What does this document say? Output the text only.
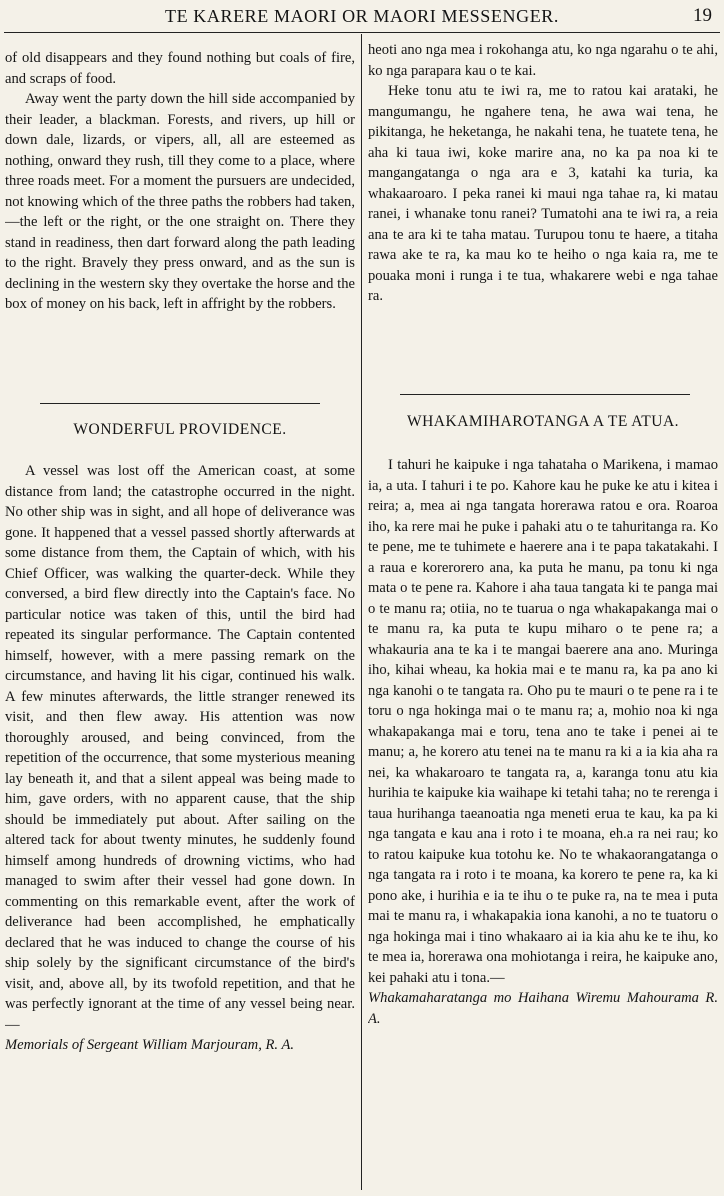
TE KARERE MAORI OR MAORI MESSENGER.	19

of old disappears and they found nothing but coals of fire, and scraps of food.

Away went the party down the hill side accompanied by their leader, a blackman. Forests, and rivers, up hill or down dale, lizards, or vipers, all, all are esteemed as nothing, onward they rush, till they come to a place, where three roads meet. For a moment the pursuers are undecided, not knowing which of the three paths the robbers had taken,—the left or the right, or the one straight on. There they stand in readiness, then dart forward along the path leading to the right. Bravely they press onward, and as the sun is declining in the western sky they overtake the horse and the box of money on his back, left in affright by the robbers.

WONDERFUL PROVIDENCE.

A vessel was lost off the American coast, at some distance from land; the catastrophe occurred in the night. No other ship was in sight, and all hope of deliverance was gone. It happened that a vessel passed shortly afterwards at some distance from them, the Captain of which, with his Chief Officer, was walking the quarter-deck. While they conversed, a bird flew directly into the Captain's face. No particular notice was taken of this, until the bird had repeated its singular performance. The Captain contented himself, however, with a mere passing remark on the circumstance, and having lit his cigar, continued his walk. A few minutes afterwards, the little stranger renewed its visit, and then flew away. His attention was now thoroughly aroused, and being convinced, from the repetition of the occurrence, that some mysterious meaning lay beneath it, and that a silent appeal was being made to him, gave orders, with no apparent cause, that the ship should be immediately put about. After sailing on the altered tack for about twenty minutes, he suddenly found himself among hundreds of drowning victims, who had managed to swim after their vessel had gone down. In commenting on this remarkable event, after the work of deliverance had been accomplished, he emphatically declared that he was induced to change the course of his ship solely by the significant circumstance of the bird's visit, and, above all, by its twofold repetition, and that he was perfectly ignorant at the time of any vessel being near.—

Memorials of Sergeant William Marjouram, R. A.

heoti ano nga mea i rokohanga atu, ko nga ngarahu o te ahi, ko nga parapara kau o te kai.

Heke tonu atu te iwi ra, me to ratou kai arataki, he mangumangu, he ngahere tena, he awa wai tena, he pikitanga, he heketanga, he nakahi tena, he tuatete tena, he aha ki taua iwi, koke marire ana, no ka pa noa ki te mangangatanga o nga ara e 3, katahi ka turia, ka whakaaroaro. I peka ranei ki maui nga tahae ra, ki matau ranei, i whanake tonu ranei? Tumatohi ana te iwi ra, a reia ana te ara ki te taha matau. Turupou tonu te haere, a titaha rawa ake te ra, ka mau ko te heiho o nga kaia ra, me te pouaka moni i runga i te tua, whakarere webi e nga tahae ra.

WHAKAMIHAROTANGA A TE ATUA.

I tahuri he kaipuke i nga tahataha o Marikena, i mamao ia, a uta. I tahuri i te po. Kahore kau he puke ke atu i kitea i reira; a, mea ai nga tangata horerawa ratou e ora. Roaroa iho, ka rere mai he puke i pahaki atu o te tahuritanga ra. Ko te pene, me te tuhimete e haerere ana i te papa takatakahi. I a raua e korerorero ana, ka puta he manu, pa tonu ki nga mata o te pene ra. Kahore i aha taua tangata ki te panga mai o te manu ra; otiia, no te tuarua o nga whakapakanga mai o te manu ra, ka puta te kupu miharo o te pene ra; a whakauria ana te ka i te mangai baerere ana ano. Muringa iho, kihai wheau, ka hokia mai e te manu ra, ka pa ano ki nga kanohi o te tangata ra. Oho pu te mauri o te pene ra i te toru o nga hokinga mai o te manu ra; a, mohio noa ki nga whakapakanga mai e toru, tena ano te take i penei ai te manu; a, he korero atu tenei na te manu ra ki a ia kia aha ra nei, ka whakaroaro te tangata ra, a, karanga tonu atu kia hurihia te kaipuke kia waihape ki tetahi taha; no te rerenga i taua hurihanga taeanoatia nga meneti erua te kau, ka pa ki nga tangata e kau ana i roto i te moana, eh.a ra nei rau; ko to ratou kaipuke kua totohu ke. No te whakaorangatanga o nga tangata ra i roto i te moana, ka korero te pene ra, ka ki pono ake, i hurihia e ia te ihu o te puke ra, na te mea i puta mai te manu ra, i whakapakia iona kanohi, a no te tuatoru o nga hokinga mai i tino whakaaro ai ia kia ahu ke te ihu, ko te mea ia, horerawa ona mohiotanga i reira, he kaipuke ano, kei pahaki atu i tona.—

Whakamaharatanga mo Haihana Wiremu Mahourama R. A.
